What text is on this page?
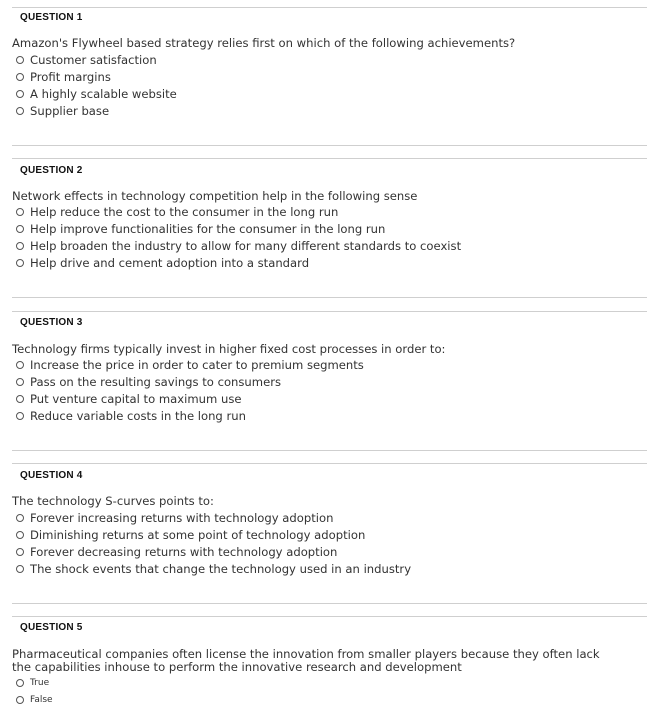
QUESTION 1
Amazon's Flywheel based strategy relies first on which of the following achievements?
Customer satisfaction
Profit margins
A highly scalable website
Supplier base
QUESTION 2
Network effects in technology competition help in the following sense
Help reduce the cost to the consumer in the long run
Help improve functionalities for the consumer in the long run
Help broaden the industry to allow for many different standards to coexist
Help drive and cement adoption into a standard
QUESTION 3
Technology firms typically invest in higher fixed cost processes in order to:
Increase the price in order to cater to premium segments
Pass on the resulting savings to consumers
Put venture capital to maximum use
Reduce variable costs in the long run
QUESTION 4
The technology S-curves points to:
Forever increasing returns with technology adoption
Diminishing returns at some point of technology adoption
Forever decreasing returns with technology adoption
The shock events that change the technology used in an industry
QUESTION 5
Pharmaceutical companies often license the innovation from smaller players because they often lack the capabilities inhouse to perform the innovative research and development
True
False
